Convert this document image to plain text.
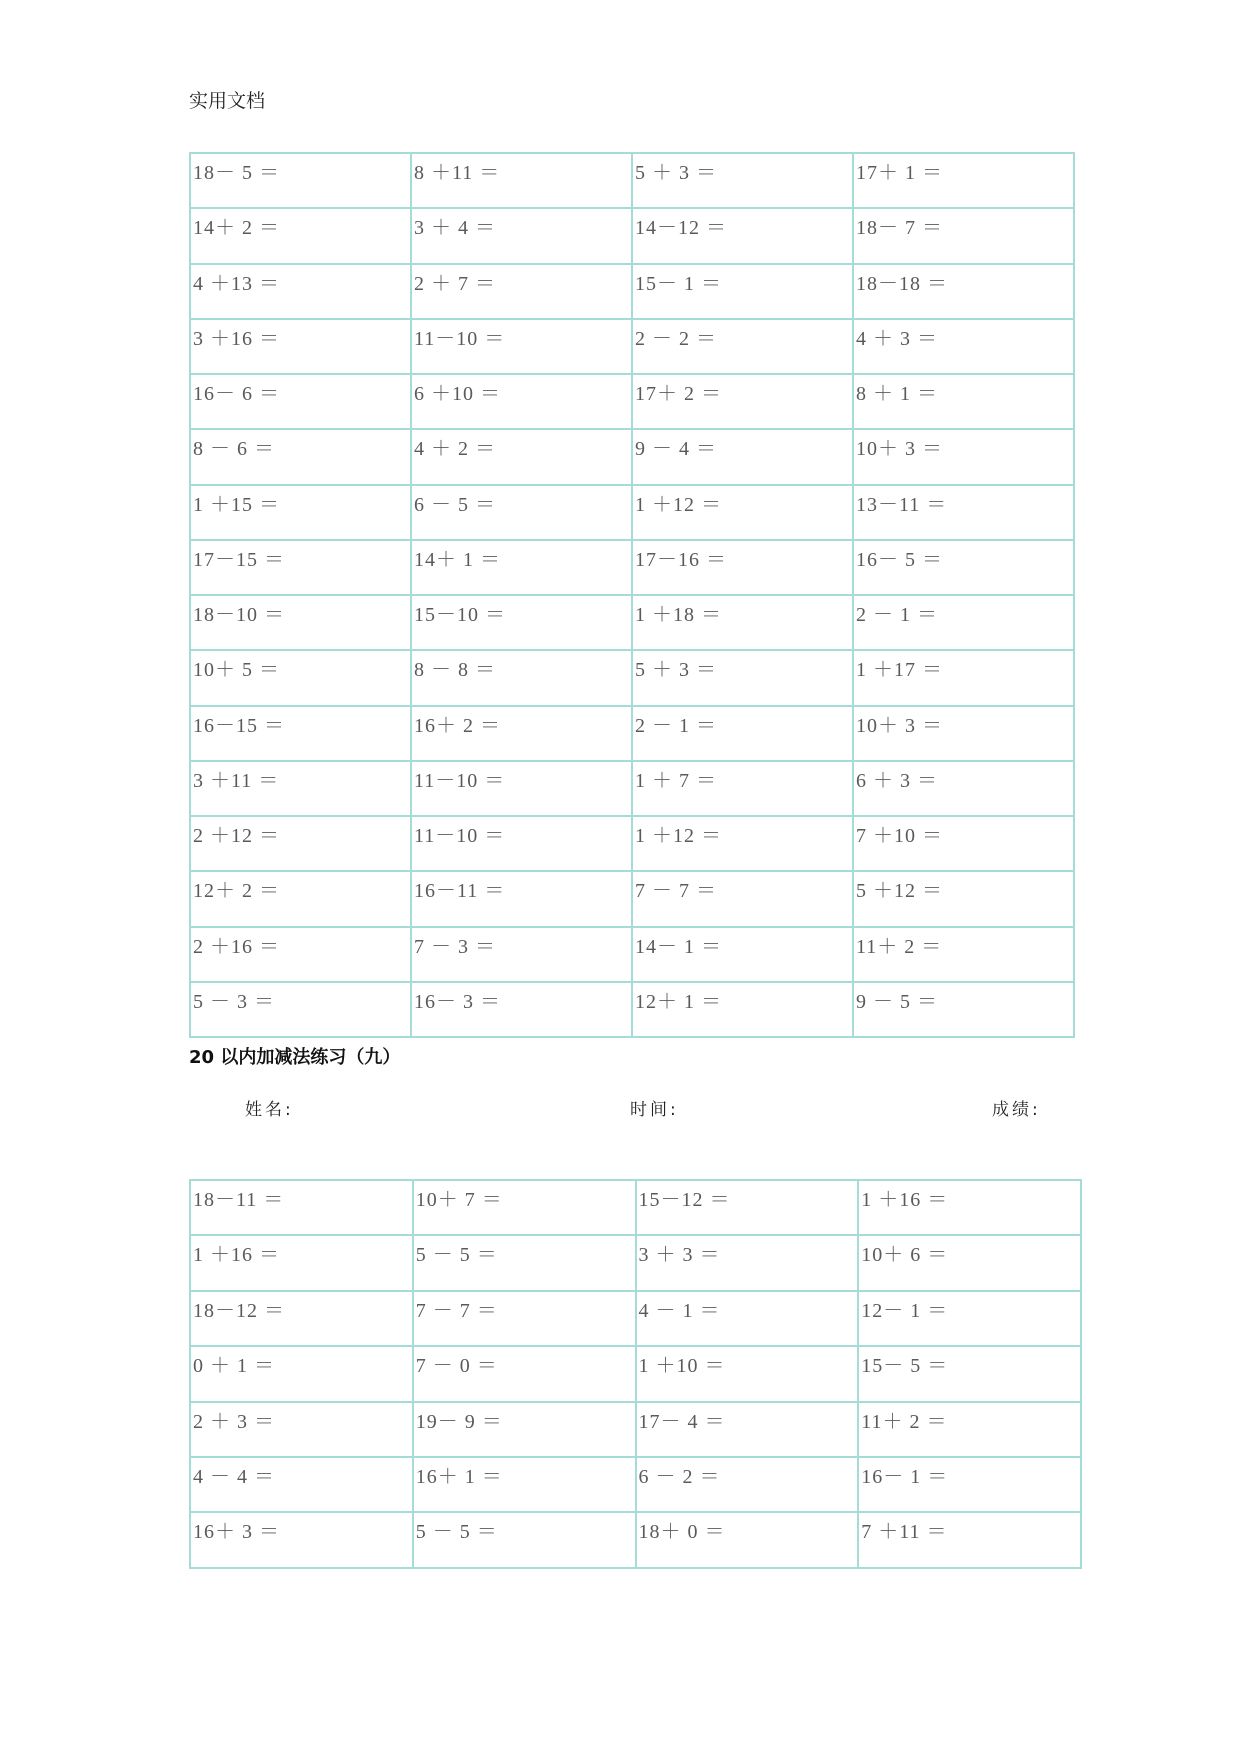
实用文档
18－ 5 ＝	8 ＋11 ＝	5 ＋ 3 ＝	17＋ 1 ＝
14＋ 2 ＝	3 ＋ 4 ＝	14－12 ＝	18－ 7 ＝
4 ＋13 ＝	2 ＋ 7 ＝	15－ 1 ＝	18－18 ＝
3 ＋16 ＝	11－10 ＝	2 － 2 ＝	4 ＋ 3 ＝
16－ 6 ＝	6 ＋10 ＝	17＋ 2 ＝	8 ＋ 1 ＝
8 － 6 ＝	4 ＋ 2 ＝	9 － 4 ＝	10＋ 3 ＝
1 ＋15 ＝	6 － 5 ＝	1 ＋12 ＝	13－11 ＝
17－15 ＝	14＋ 1 ＝	17－16 ＝	16－ 5 ＝
18－10 ＝	15－10 ＝	1 ＋18 ＝	2 － 1 ＝
10＋ 5 ＝	8 － 8 ＝	5 ＋ 3 ＝	1 ＋17 ＝
16－15 ＝	16＋ 2 ＝	2 － 1 ＝	10＋ 3 ＝
3 ＋11 ＝	11－10 ＝	1 ＋ 7 ＝	6 ＋ 3 ＝
2 ＋12 ＝	11－10 ＝	1 ＋12 ＝	7 ＋10 ＝
12＋ 2 ＝	16－11 ＝	7 － 7 ＝	5 ＋12 ＝
2 ＋16 ＝	7 － 3 ＝	14－ 1 ＝	11＋ 2 ＝
5 － 3 ＝	16－ 3 ＝	12＋ 1 ＝	9 － 5 ＝
20 以内加减法练习（九）
姓名:	时间:	成绩:
18－11 ＝	10＋ 7 ＝	15－12 ＝	1 ＋16 ＝
1 ＋16 ＝	5 － 5 ＝	3 ＋ 3 ＝	10＋ 6 ＝
18－12 ＝	7 － 7 ＝	4 － 1 ＝	12－ 1 ＝
0 ＋ 1 ＝	7 － 0 ＝	1 ＋10 ＝	15－ 5 ＝
2 ＋ 3 ＝	19－ 9 ＝	17－ 4 ＝	11＋ 2 ＝
4 － 4 ＝	16＋ 1 ＝	6 － 2 ＝	16－ 1 ＝
16＋ 3 ＝	5 － 5 ＝	18＋ 0 ＝	7 ＋11 ＝
